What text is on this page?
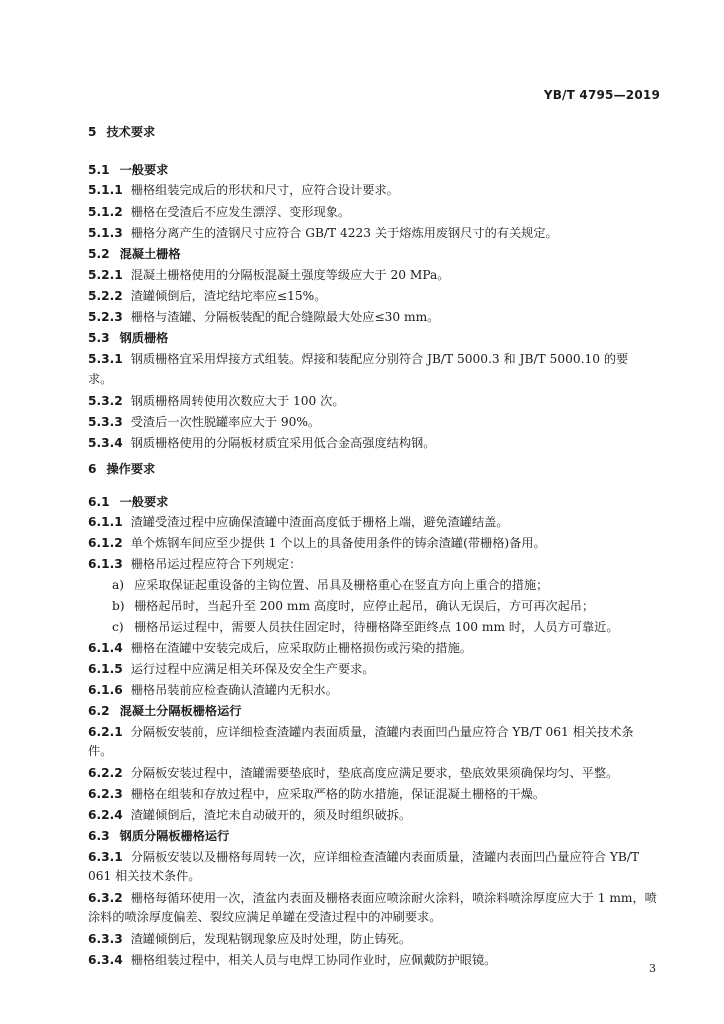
YB/T 4795—2019
5 技术要求
5.1 一般要求
5.1.1 栅格组装完成后的形状和尺寸，应符合设计要求。
5.1.2 栅格在受渣后不应发生漂浮、变形现象。
5.1.3 栅格分离产生的渣钢尺寸应符合 GB/T 4223 关于熔炼用废钢尺寸的有关规定。
5.2 混凝土栅格
5.2.1 混凝土栅格使用的分隔板混凝土强度等级应大于 20 MPa。
5.2.2 渣罐倾倒后，渣坨结坨率应≤15%。
5.2.3 栅格与渣罐、分隔板装配的配合缝隙最大处应≤30 mm。
5.3 钢质栅格
5.3.1 钢质栅格宜采用焊接方式组装。焊接和装配应分别符合 JB/T 5000.3 和 JB/T 5000.10 的要
求。
5.3.2 钢质栅格周转使用次数应大于 100 次。
5.3.3 受渣后一次性脱罐率应大于 90%。
5.3.4 钢质栅格使用的分隔板材质宜采用低合金高强度结构钢。
6 操作要求
6.1 一般要求
6.1.1 渣罐受渣过程中应确保渣罐中渣面高度低于栅格上端，避免渣罐结盖。
6.1.2 单个炼钢车间应至少提供 1 个以上的具备使用条件的铸余渣罐(带栅格)备用。
6.1.3 栅格吊运过程应符合下列规定：
a) 应采取保证起重设备的主钩位置、吊具及栅格重心在竖直方向上重合的措施；
b) 栅格起吊时，当起升至 200 mm 高度时，应停止起吊，确认无误后，方可再次起吊；
c) 栅格吊运过程中，需要人员扶住固定时，待栅格降至距终点 100 mm 时，人员方可靠近。
6.1.4 栅格在渣罐中安装完成后，应采取防止栅格损伤或污染的措施。
6.1.5 运行过程中应满足相关环保及安全生产要求。
6.1.6 栅格吊装前应检查确认渣罐内无积水。
6.2 混凝土分隔板栅格运行
6.2.1 分隔板安装前，应详细检查渣罐内表面质量，渣罐内表面凹凸量应符合 YB/T 061 相关技术条
件。
6.2.2 分隔板安装过程中，渣罐需要垫底时，垫底高度应满足要求，垫底效果须确保均匀、平整。
6.2.3 栅格在组装和存放过程中，应采取严格的防水措施，保证混凝土栅格的干燥。
6.2.4 渣罐倾倒后，渣坨未自动破开的，须及时组织破拆。
6.3 钢质分隔板栅格运行
6.3.1 分隔板安装以及栅格每周转一次，应详细检查渣罐内表面质量，渣罐内表面凹凸量应符合 YB/T
061 相关技术条件。
6.3.2 栅格每循环使用一次，渣盆内表面及栅格表面应喷涂耐火涂料，喷涂料喷涂厚度应大于 1 mm，喷
涂料的喷涂厚度偏差、裂纹应满足单罐在受渣过程中的冲刷要求。
6.3.3 渣罐倾倒后，发现粘钢现象应及时处理，防止铸死。
6.3.4 栅格组装过程中，相关人员与电焊工协同作业时，应佩戴防护眼镜。
3
